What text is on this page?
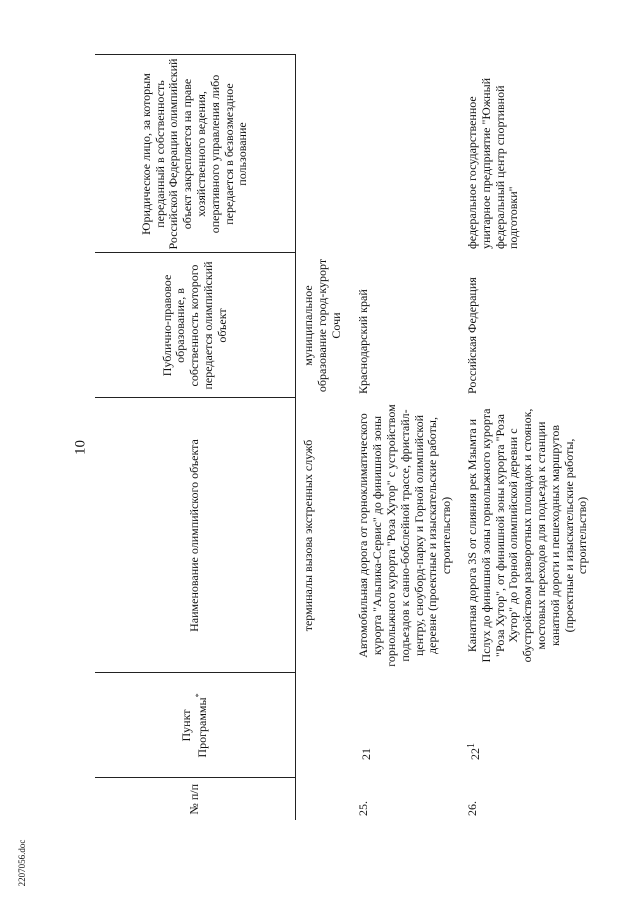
10
2207056.doc
№ п/п	Пункт Программы*	Наименование олимпийского объекта	Публично-правовое образование, в собственность которого передается олимпийский объект	Юридическое лицо, за которым переданный в собственность Российской Федерации олимпийский объект закрепляется на праве хозяйственного ведения, оперативного управления либо передается в безвозмездное пользование
		терминалы вызова экстренных служб	муниципальное образование город-курорт Сочи	
25.	21	Автомобильная дорога от горноклиматического курорта "Альпика-Сервис" до финишной зоны горнолыжного курорта "Роза Хутор" с устройством подъездов к санно-бобслейной трассе, фристайл-центру, сноуборд-парку и Горной олимпийской деревне (проектные и изыскательские работы, строительство)	Краснодарский край	
26.	$22^1$	Канатная дорога 3S от слияния рек Мзымта и Пслух до финишной зоны горнолыжного курорта "Роза Хутор", от финишной зоны курорта "Роза Хутор" до Горной олимпийской деревни с обустройством разворотных площадок и стоянок, мостовых переходов для подъезда к станции канатной дороги и пешеходных маршрутов (проектные и изыскательские работы, строительство)	Российская Федерация	федеральное государственное унитарное предприятие "Южный федеральный центр спортивной подготовки"
